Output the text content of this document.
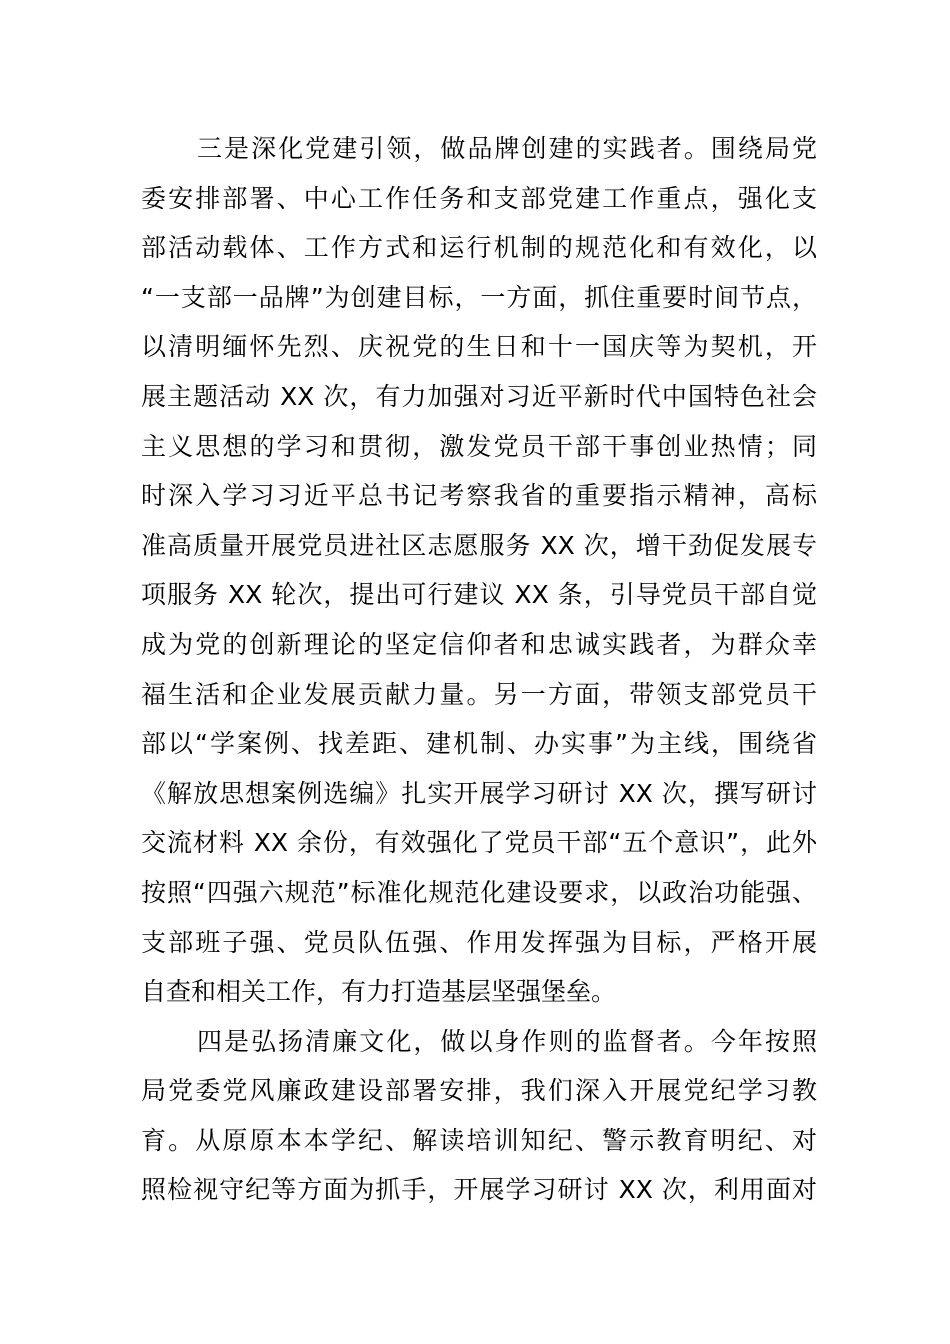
三是深化党建引领，做品牌创建的实践者。围绕局党
委安排部署、中心工作任务和支部党建工作重点，强化支
部活动载体、工作方式和运行机制的规范化和有效化，以
“一支部一品牌”为创建目标，一方面，抓住重要时间节点，
以清明缅怀先烈、庆祝党的生日和十一国庆等为契机，开
展主题活动 XX 次，有力加强对习近平新时代中国特色社会
主义思想的学习和贯彻，激发党员干部干事创业热情；同
时深入学习习近平总书记考察我省的重要指示精神，高标
准高质量开展党员进社区志愿服务 XX 次，增干劲促发展专
项服务 XX 轮次，提出可行建议 XX 条，引导党员干部自觉
成为党的创新理论的坚定信仰者和忠诚实践者，为群众幸
福生活和企业发展贡献力量。另一方面，带领支部党员干
部以“学案例、找差距、建机制、办实事”为主线，围绕省
《解放思想案例选编》扎实开展学习研讨 XX 次，撰写研讨
交流材料 XX 余份，有效强化了党员干部“五个意识”，此外
按照“四强六规范”标准化规范化建设要求，以政治功能强、
支部班子强、党员队伍强、作用发挥强为目标，严格开展
自查和相关工作，有力打造基层坚强堡垒。
四是弘扬清廉文化，做以身作则的监督者。今年按照
局党委党风廉政建设部署安排，我们深入开展党纪学习教
育。从原原本本学纪、解读培训知纪、警示教育明纪、对
照检视守纪等方面为抓手，开展学习研讨 XX 次，利用面对
